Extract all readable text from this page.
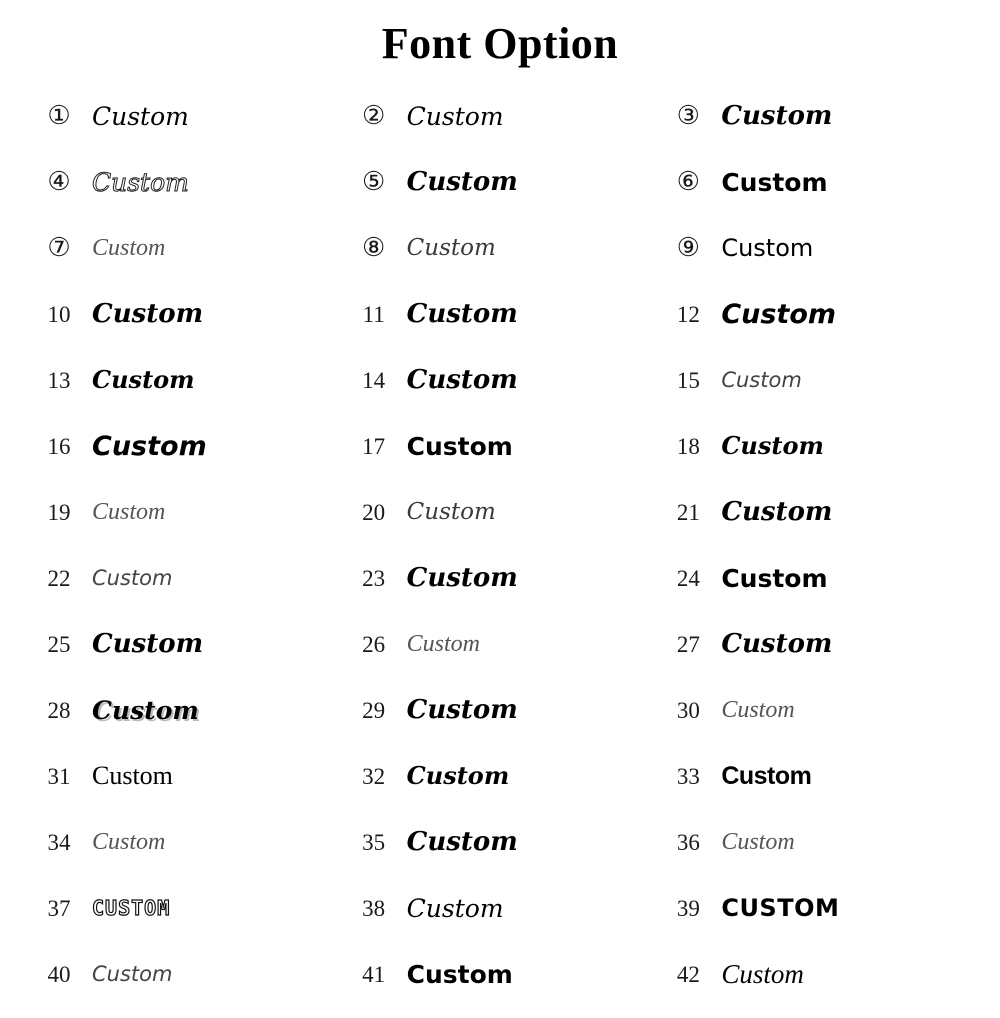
Font Option
① Custom	② Custom	③ Custom
④ Custom	⑤ Custom	⑥ Custom
⑦ Custom	⑧ Custom	⑨ Custom
10 Custom	11 Custom	12 Custom
13 Custom	14 Custom	15	Custom
16 Custom	17 Custom	18 Custom
19 Custom	20 Custom	21 Custom
22	Custom	23 Custom	24 Custom
25 Custom	26 Custom	27 Custom
28 Custom	29 Custom	30 Custom
31 Custom	32 Custom	33 Custom
34 Custom	35 Custom	36 Custom
37	CUSTOM	38 Custom	39 CUSTOM
40	Custom	41 Custom	42 Custom
